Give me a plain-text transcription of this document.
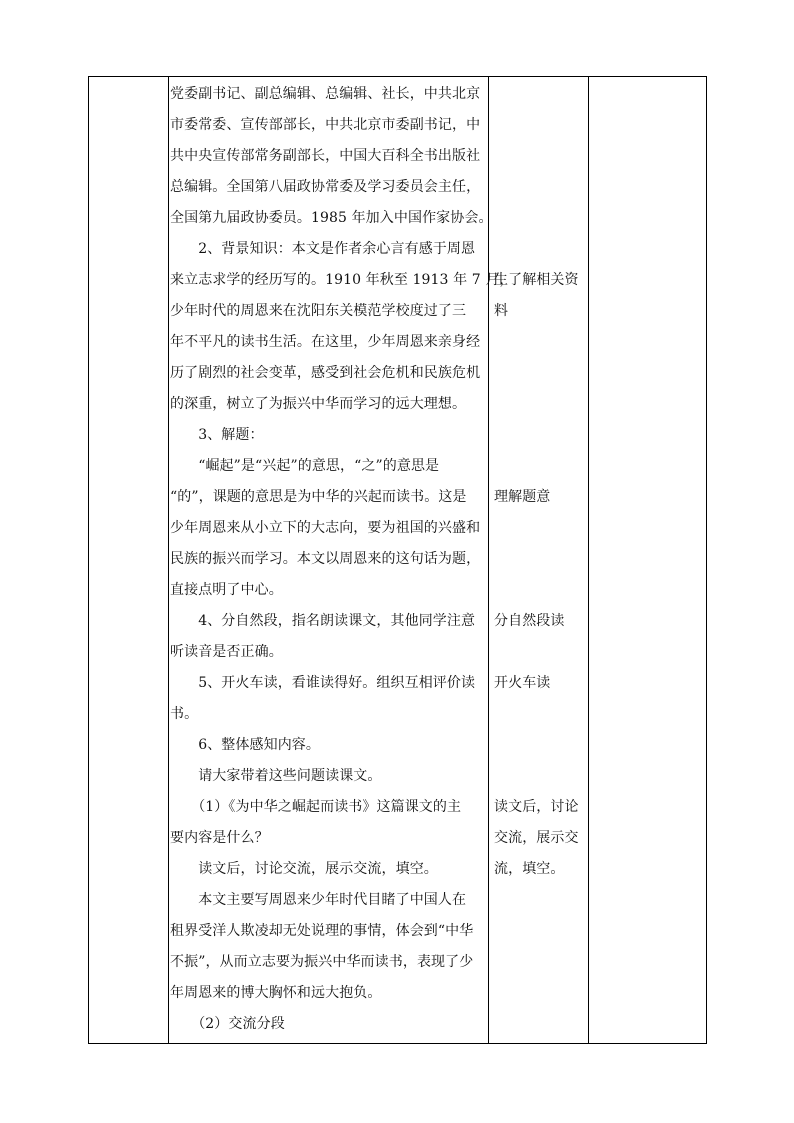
党委副书记、副总编辑、总编辑、社长，中共北京
市委常委、宣传部部长，中共北京市委副书记，中
共中央宣传部常务副部长，中国大百科全书出版社
总编辑。全国第八届政协常委及学习委员会主任，
全国第九届政协委员。1985 年加入中国作家协会。
　　2、背景知识：本文是作者余心言有感于周恩
来立志求学的经历写的。1910 年秋至 1913 年 7 月，
少年时代的周恩来在沈阳东关模范学校度过了三
年不平凡的读书生活。在这里，少年周恩来亲身经
历了剧烈的社会变革，感受到社会危机和民族危机
的深重，树立了为振兴中华而学习的远大理想。
　　3、解题：
　　“崛起”是“兴起”的意思，“之”的意思是
“的”，课题的意思是为中华的兴起而读书。这是
少年周恩来从小立下的大志向，要为祖国的兴盛和
民族的振兴而学习。本文以周恩来的这句话为题，
直接点明了中心。
　　4、分自然段，指名朗读课文，其他同学注意
听读音是否正确。
　　5、开火车读，看谁读得好。组织互相评价读
书。
　　6、整体感知内容。
　　请大家带着这些问题读课文。
　　（1）《为中华之崛起而读书》这篇课文的主
要内容是什么？
　　读文后，讨论交流，展示交流，填空。
　　本文主要写周恩来少年时代目睹了中国人在
租界受洋人欺凌却无处说理的事情，体会到“中华
不振”，从而立志要为振兴中华而读书，表现了少
年周恩来的博大胸怀和远大抱负。
　　（2）交流分段
生了解相关资
料
理解题意
分自然段读
开火车读
读文后，讨论
交流，展示交
流，填空。
